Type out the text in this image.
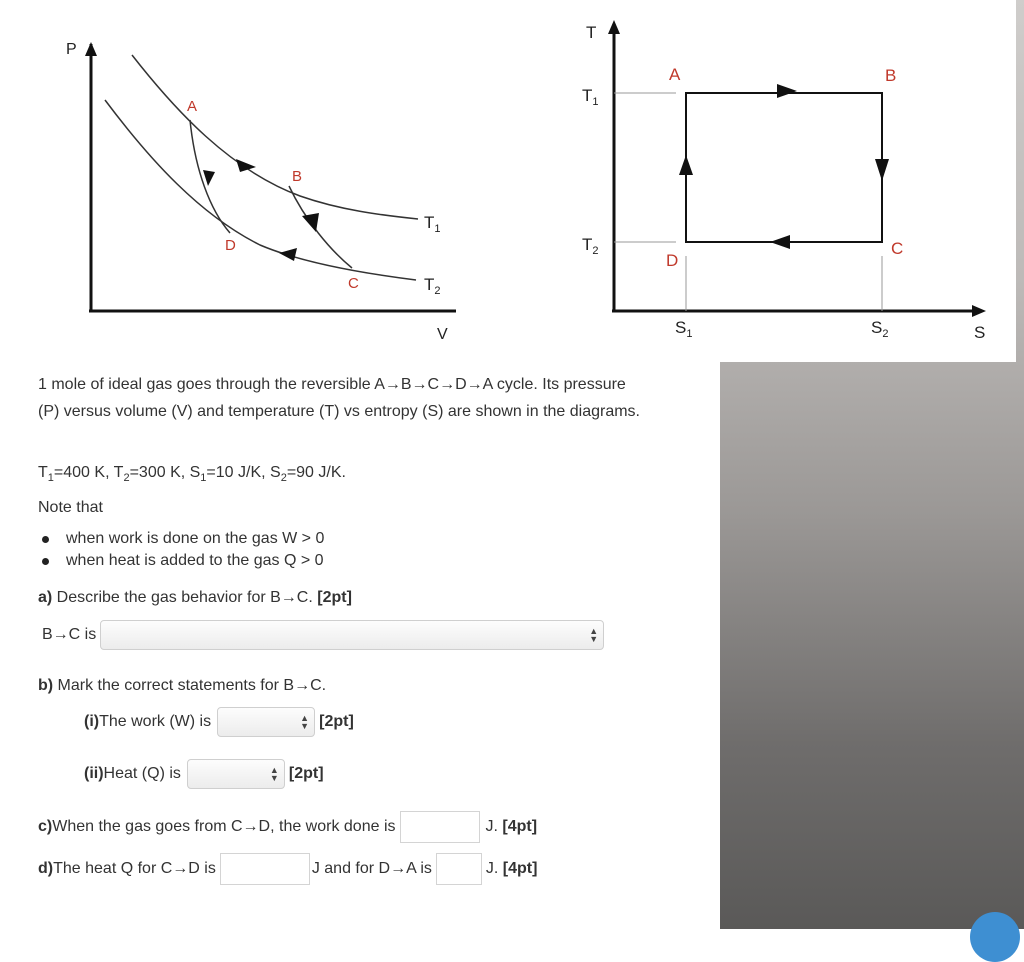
P
V
A
B
C
D
$T_1$
$T_2$
T
S
A	B
C
D
$T_1$
$T_2$
$S_1$	$S_2$
1 mole of ideal gas goes through the reversible A→B→C→D→A cycle. Its pressure (P) versus volume (V) and temperature (T) vs entropy (S) are shown in the diagrams.
$T_1=400$ K, $T_2=300$ K, $S_1=10$ J/K, $S_2=90$ J/K.
Note that
when work is done on the gas W > 0
when heat is added to the gas Q > 0
a) Describe the gas behavior for B→C. [2pt]
B→C is	▲
▼
b) Mark the correct statements for B→C.
(i) The work (W) is	▲
▼ [2pt]
(ii) Heat (Q) is	▲
▼ [2pt]
c) When the gas goes from C→D, the work done is	J.
[4pt]
d) The heat Q for C→D is	J and for D→A is	J.
[4pt]
